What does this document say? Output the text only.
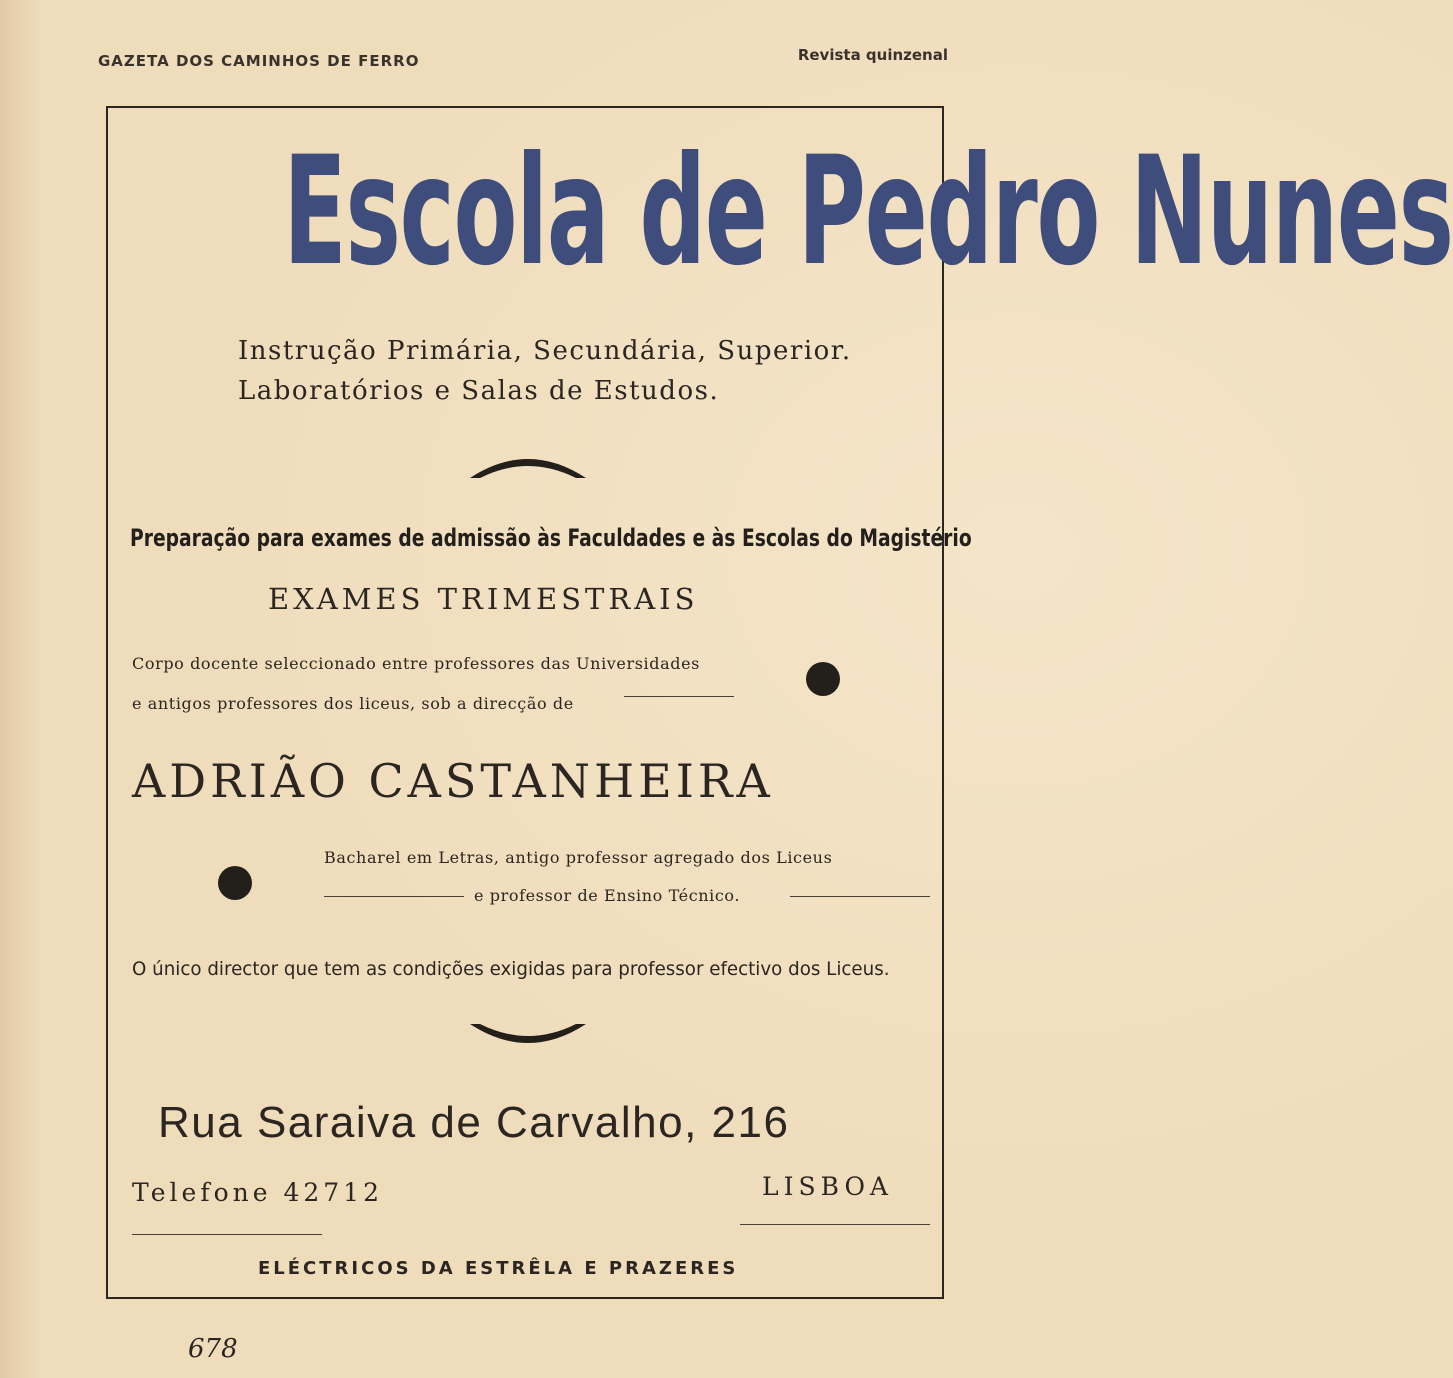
GAZETA DOS CAMINHOS DE FERRO	Revista quinzenal
Escola de Pedro Nunes
Instrução Primária, Secundária, Superior.
Laboratórios e Salas de Estudos.
Preparação para exames de admissão às Faculdades e às Escolas do Magistério
EXAMES TRIMESTRAIS
Corpo docente seleccionado entre professores das Universidades
e antigos professores dos liceus, sob a direcção de
ADRIÃO CASTANHEIRA
Bacharel em Letras, antigo professor agregado dos Liceus
e professor de Ensino Técnico.
O único director que tem as condições exigidas para professor efectivo dos Liceus.
Rua Saraiva de Carvalho, 216
Telefone 42712	LISBOA
ELÉCTRICOS DA ESTRÊLA E PRAZERES
678
